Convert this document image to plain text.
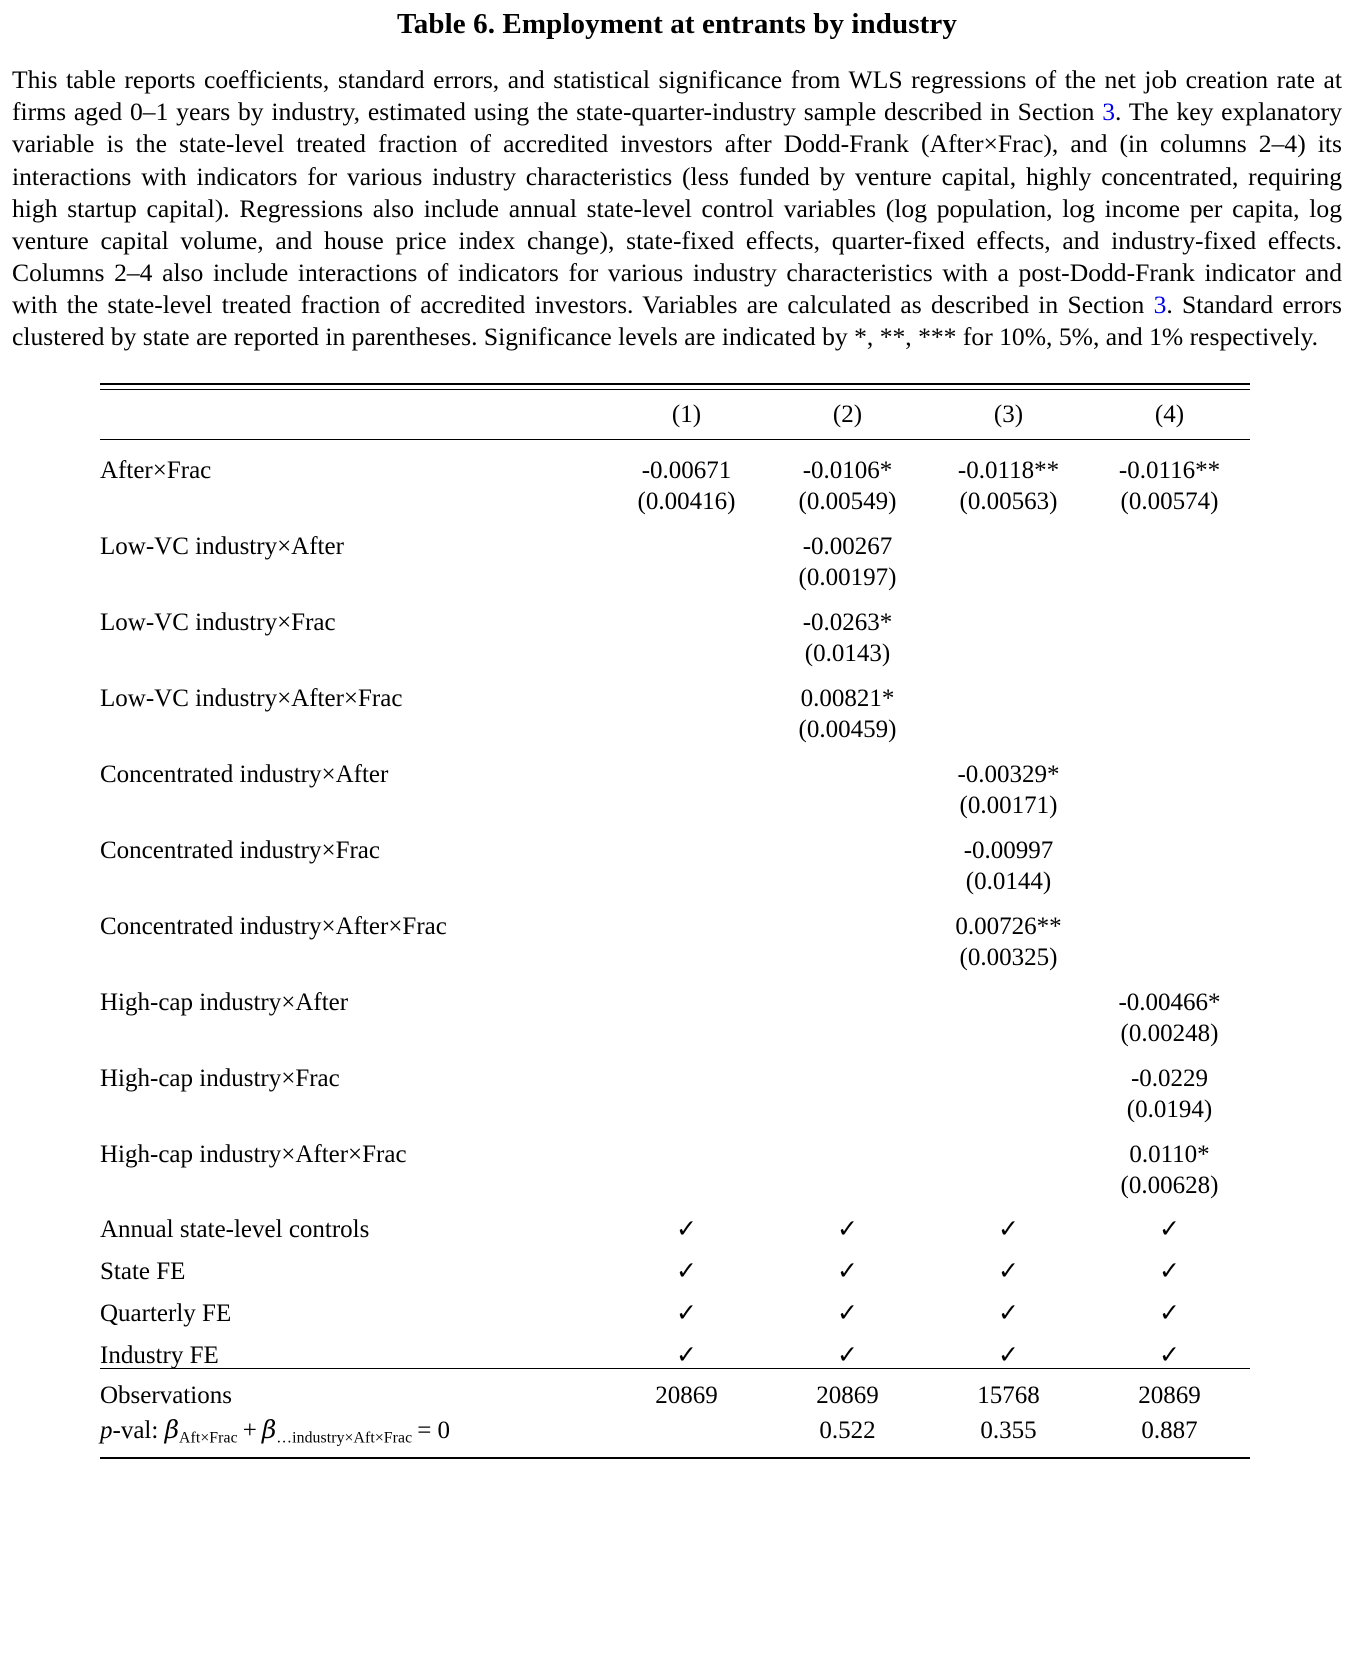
Table 6. Employment at entrants by industry
This table reports coefficients, standard errors, and statistical significance from WLS regressions of the net job creation rate at firms aged 0–1 years by industry, estimated using the state-quarter-industry sample described in Section 3. The key explanatory variable is the state-level treated fraction of accredited investors after Dodd-Frank (After×Frac), and (in columns 2–4) its interactions with indicators for various industry characteristics (less funded by venture capital, highly concentrated, requiring high startup capital). Regressions also include annual state-level control variables (log population, log income per capita, log venture capital volume, and house price index change), state-fixed effects, quarter-fixed effects, and industry-fixed effects. Columns 2–4 also include interactions of indicators for various industry characteristics with a post-Dodd-Frank indicator and with the state-level treated fraction of accredited investors. Variables are calculated as described in Section 3. Standard errors clustered by state are reported in parentheses. Significance levels are indicated by *, **, *** for 10%, 5%, and 1% respectively.

	(1)	(2)	(3)	(4)

After×Frac	-0.00671	-0.0106*	-0.0118**	-0.0116**
	(0.00416)	(0.00549)	(0.00563)	(0.00574)
Low-VC industry×After		-0.00267		
		(0.00197)		
Low-VC industry×Frac		-0.0263*		
		(0.0143)		
Low-VC industry×After×Frac		0.00821*		
		(0.00459)		
Concentrated industry×After			-0.00329*	
			(0.00171)	
Concentrated industry×Frac			-0.00997	
			(0.0144)	
Concentrated industry×After×Frac			0.00726**	
			(0.00325)	
High-cap industry×After				-0.00466*
				(0.00248)
High-cap industry×Frac				-0.0229
				(0.0194)
High-cap industry×After×Frac				0.0110*
				(0.00628)
Annual state-level controls	✓	✓	✓	✓
State FE	✓	✓	✓	✓
Quarterly FE	✓	✓	✓	✓
Industry FE	✓	✓	✓	✓

Observations	20869	20869	15768	20869
p-val: $\beta_{Aft\times Frac} + \beta_{\dots industry\times Aft\times Frac} = 0$		0.522	0.355	0.887
